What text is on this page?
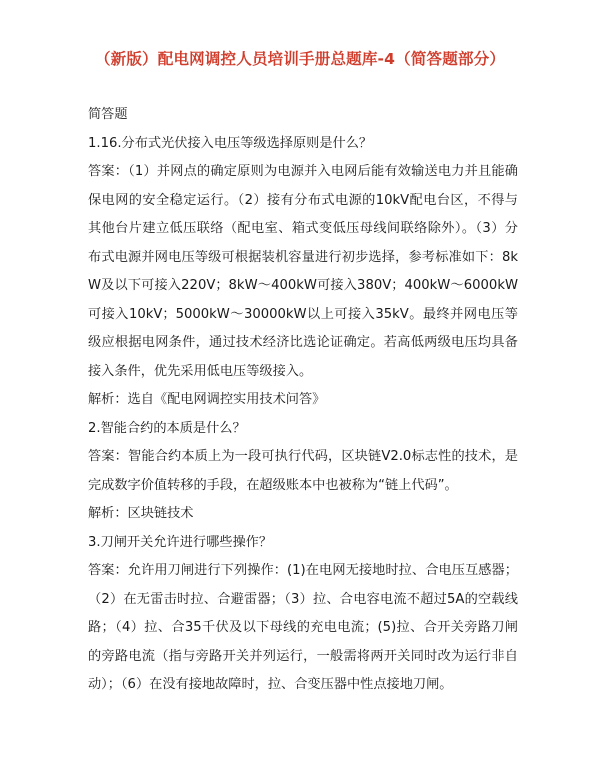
（新版）配电网调控人员培训手册总题库-4（简答题部分）

简答题

1.16.分布式光伏接入电压等级选择原则是什么？

答案：（1）并网点的确定原则为电源并入电网后能有效输送电力并且能确保电网的安全稳定运行。（2）接有分布式电源的10kV配电台区，不得与其他台片建立低压联络（配电室、箱式变低压母线间联络除外）。（3）分布式电源并网电压等级可根据装机容量进行初步选择，参考标准如下：8kW及以下可接入220V；8kW～400kW可接入380V；400kW～6000kW可接入10kV；5000kW～30000kW以上可接入35kV。最终并网电压等级应根据电网条件，通过技术经济比选论证确定。若高低两级电压均具备接入条件，优先采用低电压等级接入。

解析：选自《配电网调控实用技术问答》

2.智能合约的本质是什么？

答案：智能合约本质上为一段可执行代码，区块链V2.0标志性的技术，是完成数字价值转移的手段，在超级账本中也被称为“链上代码”。

解析：区块链技术

3.刀闸开关允许进行哪些操作？

答案：允许用刀闸进行下列操作：(1)在电网无接地时拉、合电压互感器；（2）在无雷击时拉、合避雷器；（3）拉、合电容电流不超过5A的空载线路；（4）拉、合35千伏及以下母线的充电电流；(5)拉、合开关旁路刀闸的旁路电流（指与旁路开关并列运行，一般需将两开关同时改为运行非自动）；（6）在没有接地故障时，拉、合变压器中性点接地刀闸。
